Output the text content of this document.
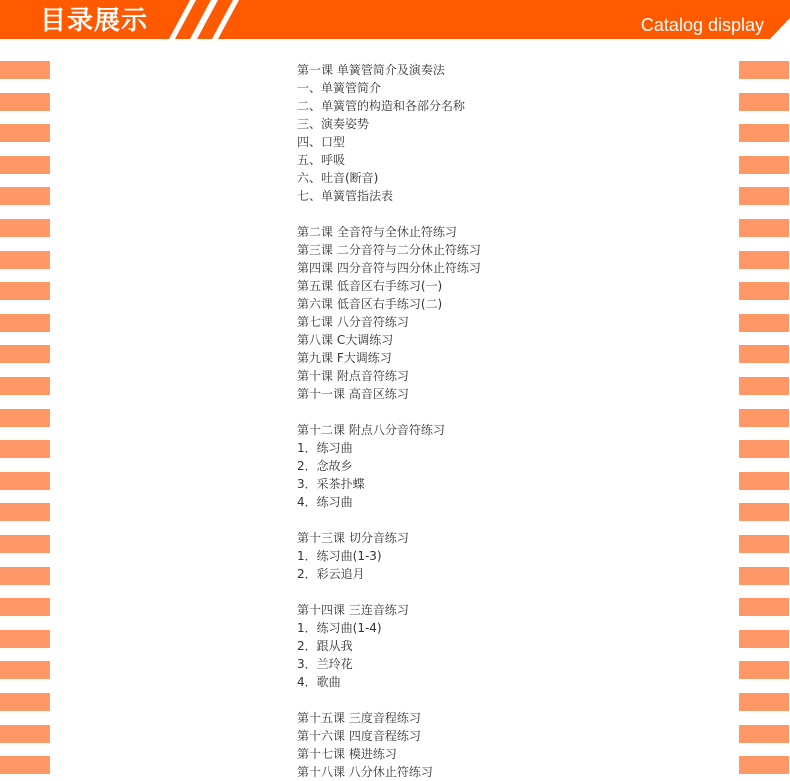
目录展示	Catalog display
第一课 单簧管简介及演奏法
一、单簧管简介
二、单簧管的构造和各部分名称
三、演奏姿势
四、口型
五、呼吸
六、吐音(断音)
七、单簧管指法表
第二课 全音符与全休止符练习
第三课 二分音符与二分休止符练习
第四课 四分音符与四分休止符练习
第五课 低音区右手练习(一)
第六课 低音区右手练习(二)
第七课 八分音符练习
第八课 C大调练习
第九课 F大调练习
第十课 附点音符练习
第十一课 高音区练习
第十二课 附点八分音符练习
1．练习曲
2．念故乡
3．采茶扑蝶
4．练习曲
第十三课 切分音练习
1．练习曲(1-3)
2．彩云追月
第十四课 三连音练习
1．练习曲(1-4)
2．跟从我
3．兰玲花
4．歌曲
第十五课 三度音程练习
第十六课 四度音程练习
第十七课 模进练习
第十八课 八分休止符练习
